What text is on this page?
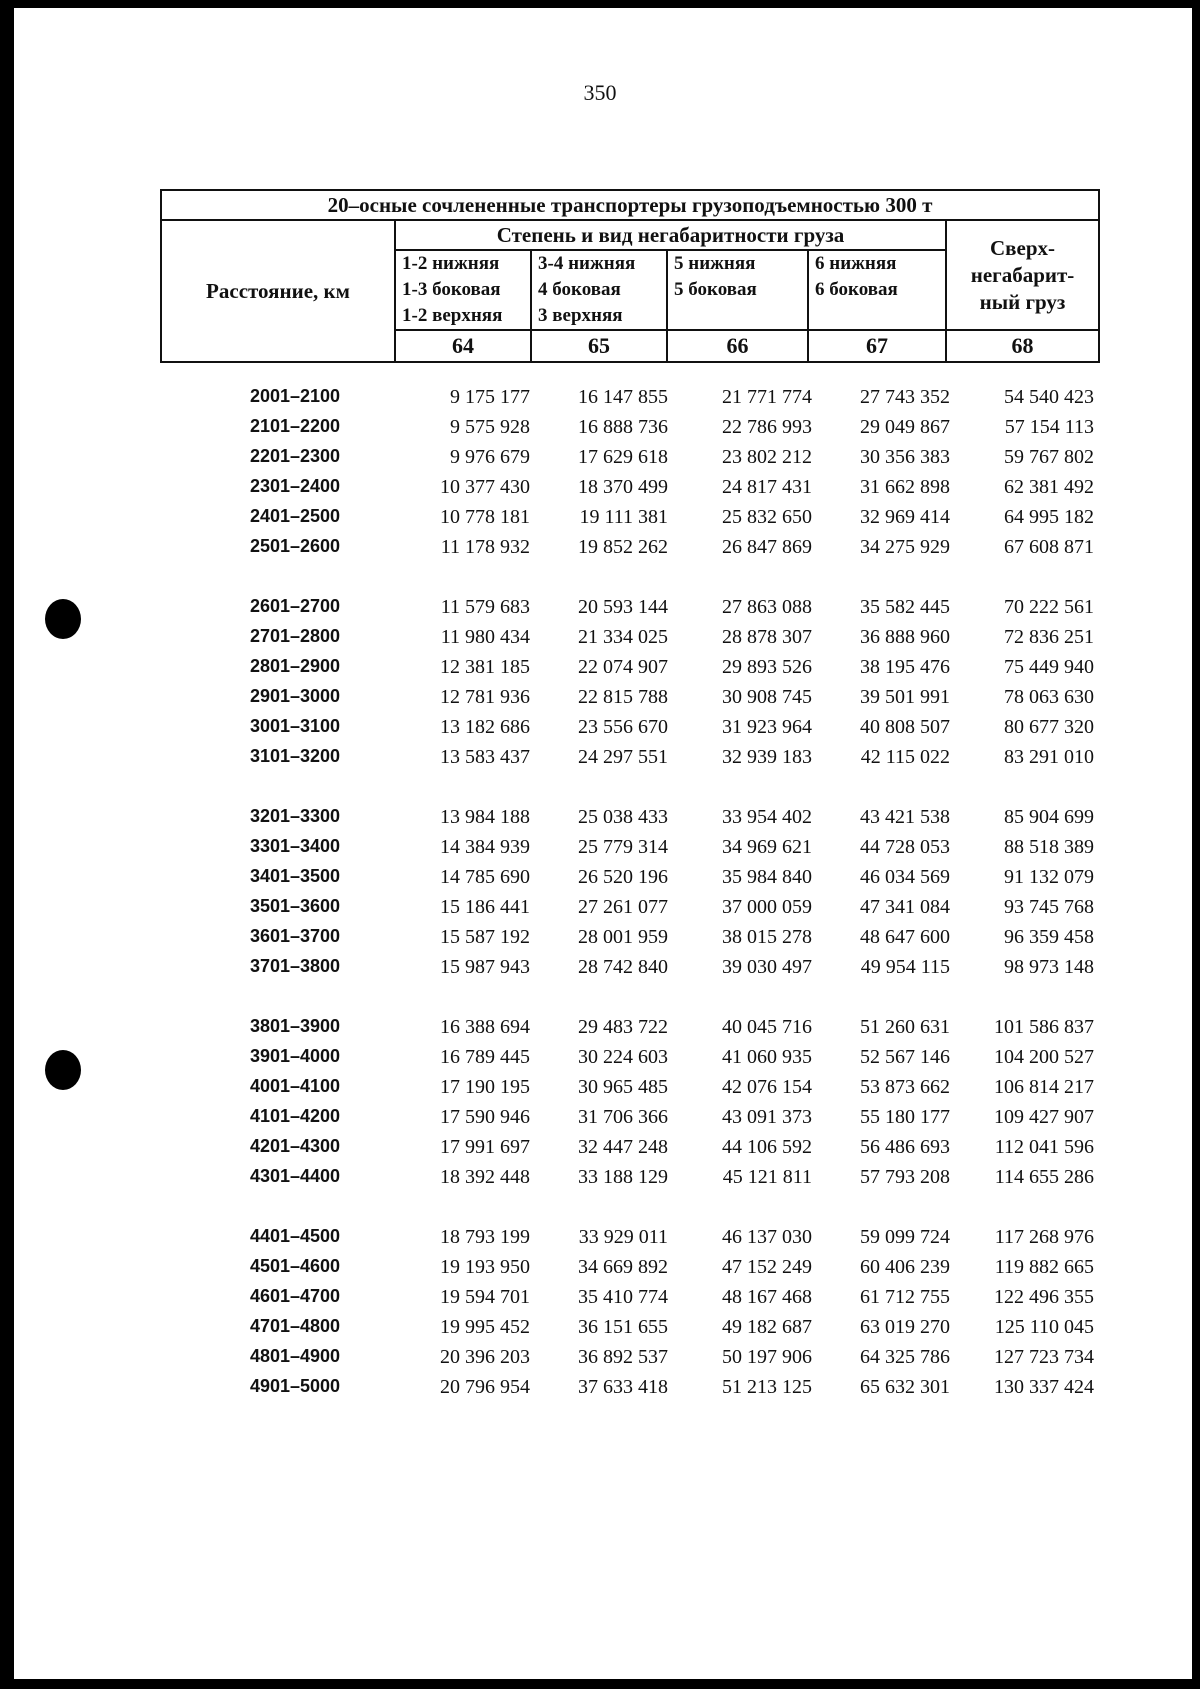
350
20–осные сочлененные транспортеры грузоподъемностью 300 т					
Расстояние, км	Степень и вид негабаритности груза				Сверх-
негабарит-
ный груз

	1-2 нижняя
1-3 боковая
1-2 верхняя	3-4 нижняя
4 боковая
3 верхняя	5 нижняя
5 боковая	6 нижняя
6 боковая	

	64	65	66	67	68
2001–2100	9 175 177	16 147 855	21 771 774	27 743 352	54 540 423
2101–2200	9 575 928	16 888 736	22 786 993	29 049 867	57 154 113
2201–2300	9 976 679	17 629 618	23 802 212	30 356 383	59 767 802
2301–2400	10 377 430	18 370 499	24 817 431	31 662 898	62 381 492
2401–2500	10 778 181	19 111 381	25 832 650	32 969 414	64 995 182
2501–2600	11 178 932	19 852 262	26 847 869	34 275 929	67 608 871
2601–2700	11 579 683	20 593 144	27 863 088	35 582 445	70 222 561
2701–2800	11 980 434	21 334 025	28 878 307	36 888 960	72 836 251
2801–2900	12 381 185	22 074 907	29 893 526	38 195 476	75 449 940
2901–3000	12 781 936	22 815 788	30 908 745	39 501 991	78 063 630
3001–3100	13 182 686	23 556 670	31 923 964	40 808 507	80 677 320
3101–3200	13 583 437	24 297 551	32 939 183	42 115 022	83 291 010
3201–3300	13 984 188	25 038 433	33 954 402	43 421 538	85 904 699
3301–3400	14 384 939	25 779 314	34 969 621	44 728 053	88 518 389
3401–3500	14 785 690	26 520 196	35 984 840	46 034 569	91 132 079
3501–3600	15 186 441	27 261 077	37 000 059	47 341 084	93 745 768
3601–3700	15 587 192	28 001 959	38 015 278	48 647 600	96 359 458
3701–3800	15 987 943	28 742 840	39 030 497	49 954 115	98 973 148
3801–3900	16 388 694	29 483 722	40 045 716	51 260 631	101 586 837
3901–4000	16 789 445	30 224 603	41 060 935	52 567 146	104 200 527
4001–4100	17 190 195	30 965 485	42 076 154	53 873 662	106 814 217
4101–4200	17 590 946	31 706 366	43 091 373	55 180 177	109 427 907
4201–4300	17 991 697	32 447 248	44 106 592	56 486 693	112 041 596
4301–4400	18 392 448	33 188 129	45 121 811	57 793 208	114 655 286
4401–4500	18 793 199	33 929 011	46 137 030	59 099 724	117 268 976
4501–4600	19 193 950	34 669 892	47 152 249	60 406 239	119 882 665
4601–4700	19 594 701	35 410 774	48 167 468	61 712 755	122 496 355
4701–4800	19 995 452	36 151 655	49 182 687	63 019 270	125 110 045
4801–4900	20 396 203	36 892 537	50 197 906	64 325 786	127 723 734
4901–5000	20 796 954	37 633 418	51 213 125	65 632 301	130 337 424
